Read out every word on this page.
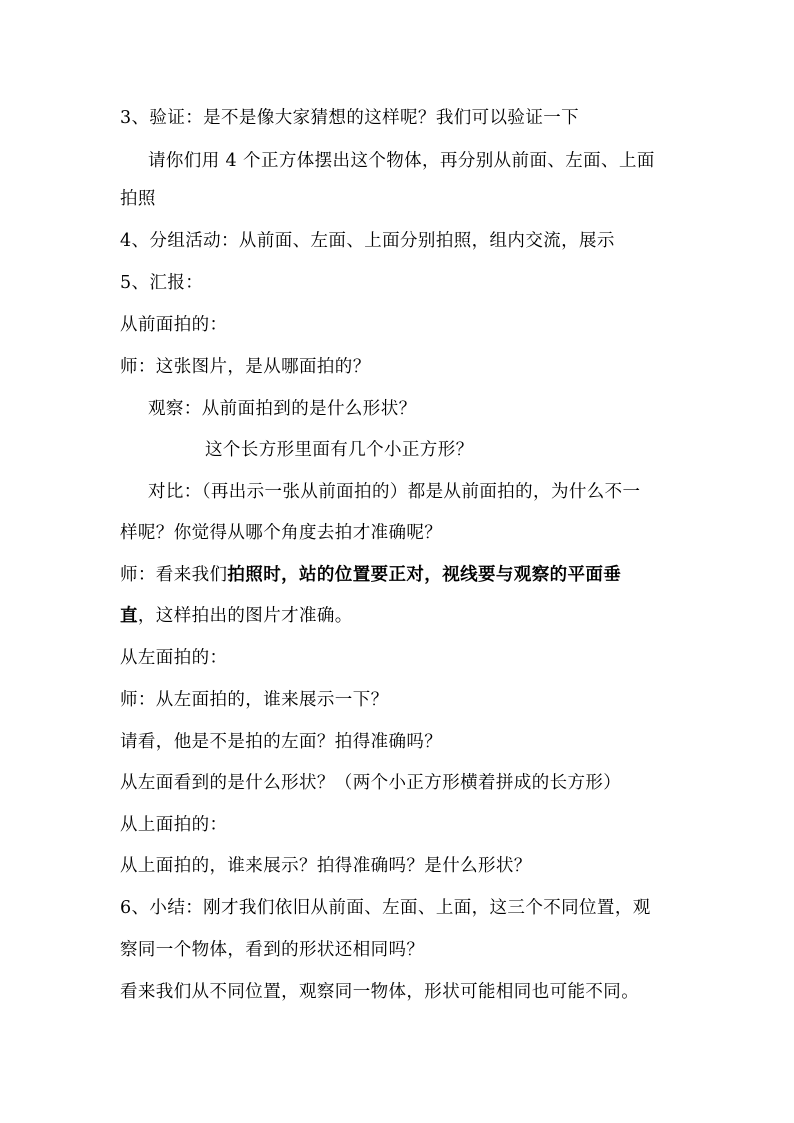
3、验证：是不是像大家猜想的这样呢？我们可以验证一下
请你们用 4 个正方体摆出这个物体，再分别从前面、左面、上面
拍照
4、分组活动：从前面、左面、上面分别拍照，组内交流，展示
5、汇报：
从前面拍的：
师：这张图片，是从哪面拍的？
观察：从前面拍到的是什么形状？
这个长方形里面有几个小正方形？
对比：（再出示一张从前面拍的）都是从前面拍的，为什么不一
样呢？你觉得从哪个角度去拍才准确呢？
师：看来我们拍照时，站的位置要正对，视线要与观察的平面垂
直，这样拍出的图片才准确。
从左面拍的：
师：从左面拍的，谁来展示一下？
请看，他是不是拍的左面？拍得准确吗？
从左面看到的是什么形状？（两个小正方形横着拼成的长方形）
从上面拍的：
从上面拍的，谁来展示？拍得准确吗？是什么形状？
6、小结：刚才我们依旧从前面、左面、上面，这三个不同位置，观
察同一个物体，看到的形状还相同吗？
看来我们从不同位置，观察同一物体，形状可能相同也可能不同。
